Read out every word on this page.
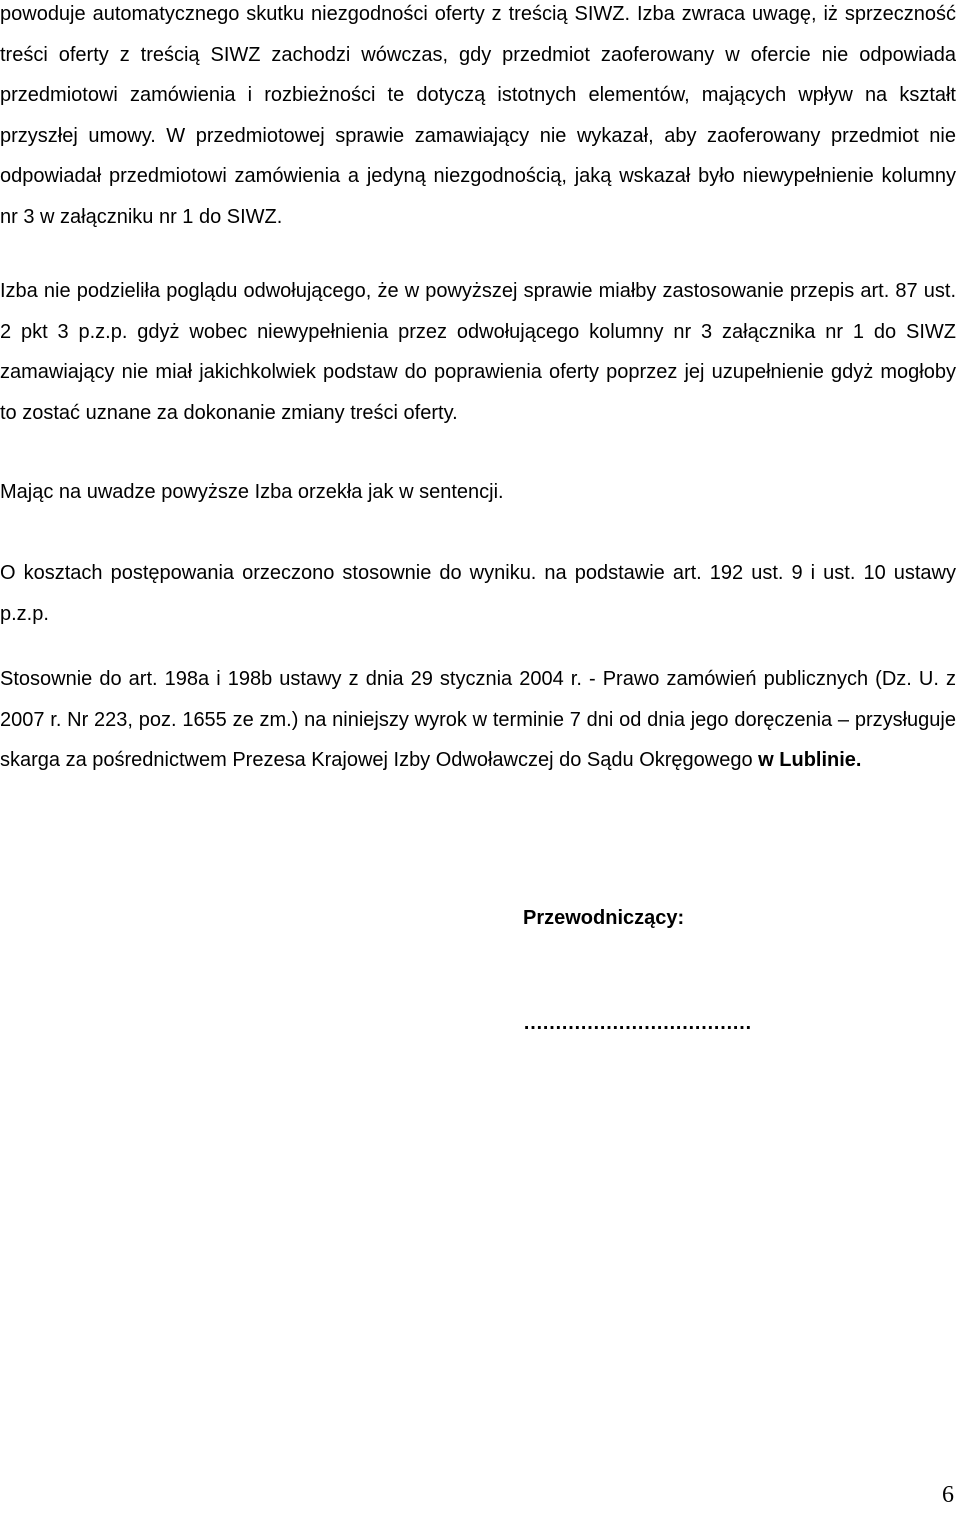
powoduje automatycznego skutku niezgodności oferty z treścią SIWZ. Izba zwraca uwagę, iż sprzeczność treści oferty z treścią SIWZ zachodzi wówczas, gdy przedmiot zaoferowany w ofercie nie odpowiada przedmiotowi zamówienia i rozbieżności te dotyczą istotnych elementów, mających wpływ na kształt przyszłej umowy. W przedmiotowej sprawie zamawiający nie wykazał, aby zaoferowany przedmiot nie odpowiadał przedmiotowi zamówienia a jedyną niezgodnością, jaką wskazał było niewypełnienie kolumny nr 3 w załączniku nr 1 do SIWZ.

Izba nie podzieliła poglądu odwołującego, że w powyższej sprawie miałby zastosowanie przepis art. 87 ust. 2 pkt 3 p.z.p. gdyż wobec niewypełnienia przez odwołującego kolumny nr 3 załącznika nr 1 do SIWZ zamawiający nie miał jakichkolwiek podstaw do poprawienia oferty poprzez jej uzupełnienie gdyż mogłoby to zostać uznane za dokonanie zmiany treści oferty.

Mając na uwadze powyższe Izba orzekła jak w sentencji.

O kosztach postępowania orzeczono stosownie do wyniku. na podstawie art. 192 ust. 9 i ust. 10 ustawy p.z.p.

Stosownie do art. 198a i 198b ustawy z dnia 29 stycznia 2004 r. - Prawo zamówień publicznych (Dz. U. z 2007 r. Nr 223, poz. 1655 ze zm.) na niniejszy wyrok w terminie 7 dni od dnia jego doręczenia – przysługuje skarga za pośrednictwem Prezesa Krajowej Izby Odwoławczej do Sądu Okręgowego w Lublinie.

Przewodniczący:

………………………………

6
